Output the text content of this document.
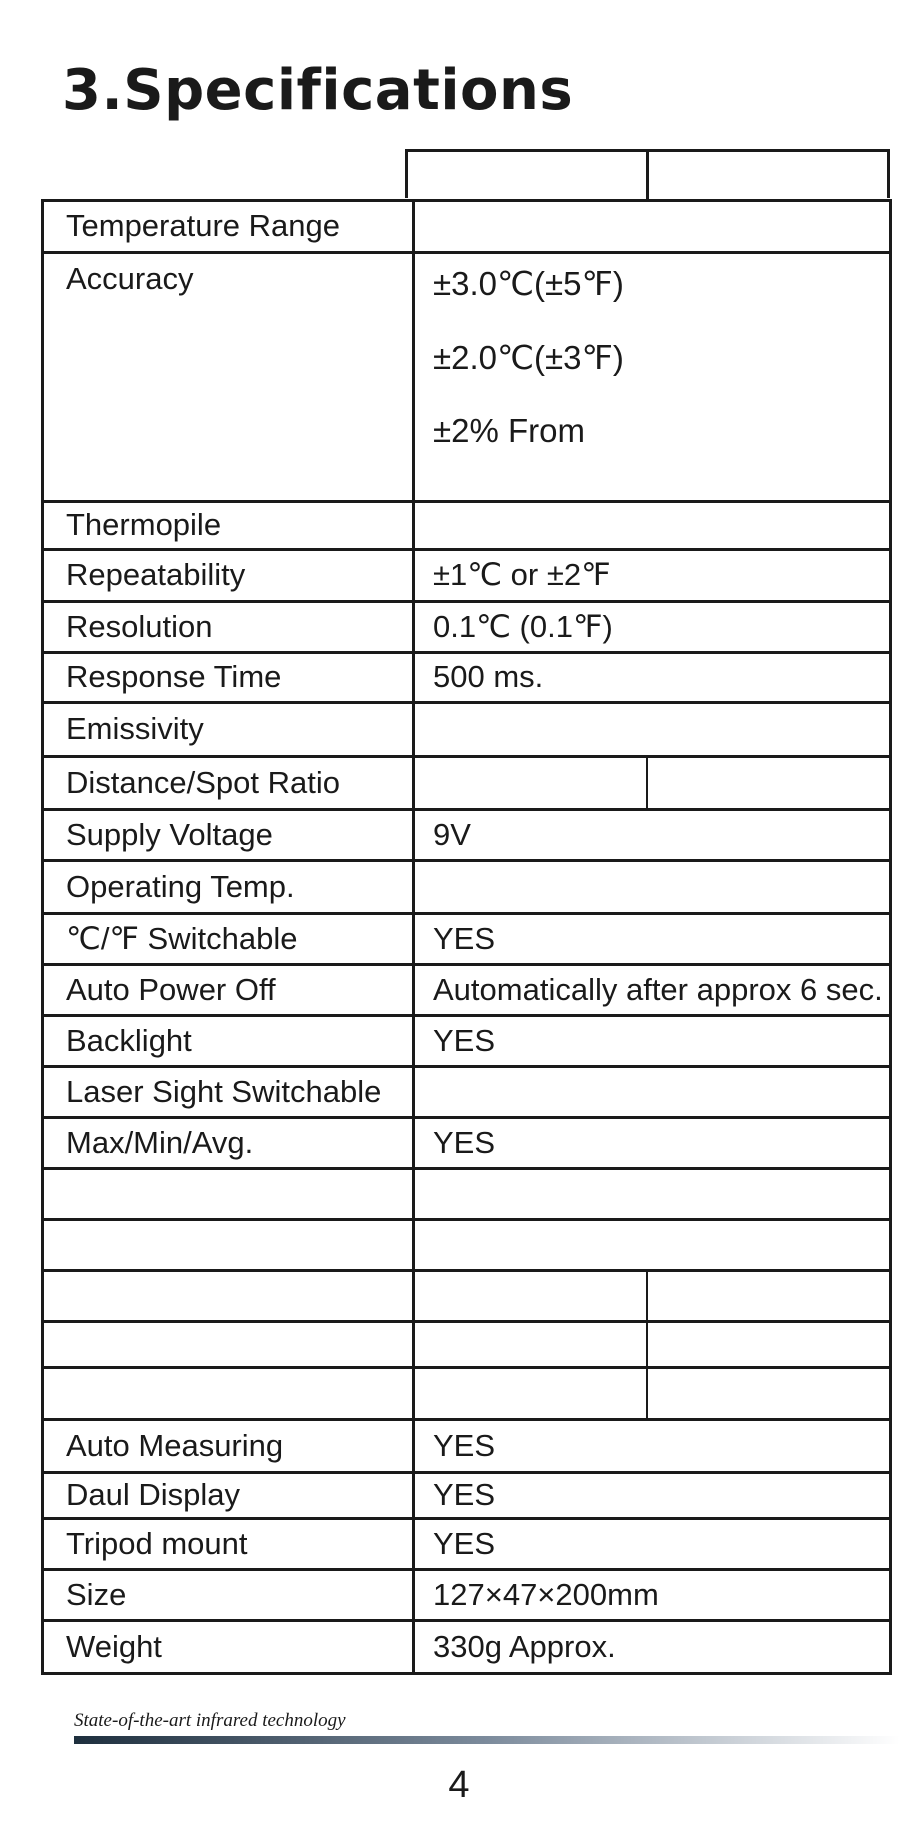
3.Specifications
Temperature Range	
Accuracy	±3.0℃(±5℉)
±2.0℃(±3℉)
±2% From

Thermopile	
Repeatability	±1℃ or ±2℉
Resolution	0.1℃ (0.1℉)
Response Time	500 ms.
Emissivity	
Distance/Spot Ratio	
Supply Voltage	9V
Operating Temp.	
℃/℉ Switchable	YES
Auto Power Off	Automatically after approx 6 sec.
Backlight	YES
Laser Sight Switchable	
Max/Min/Avg.	YES

Auto Measuring	YES
Daul Display	YES
Tripod mount	YES
Size	127×47×200mm
Weight	330g Approx.
State-of-the-art infrared technology
4
